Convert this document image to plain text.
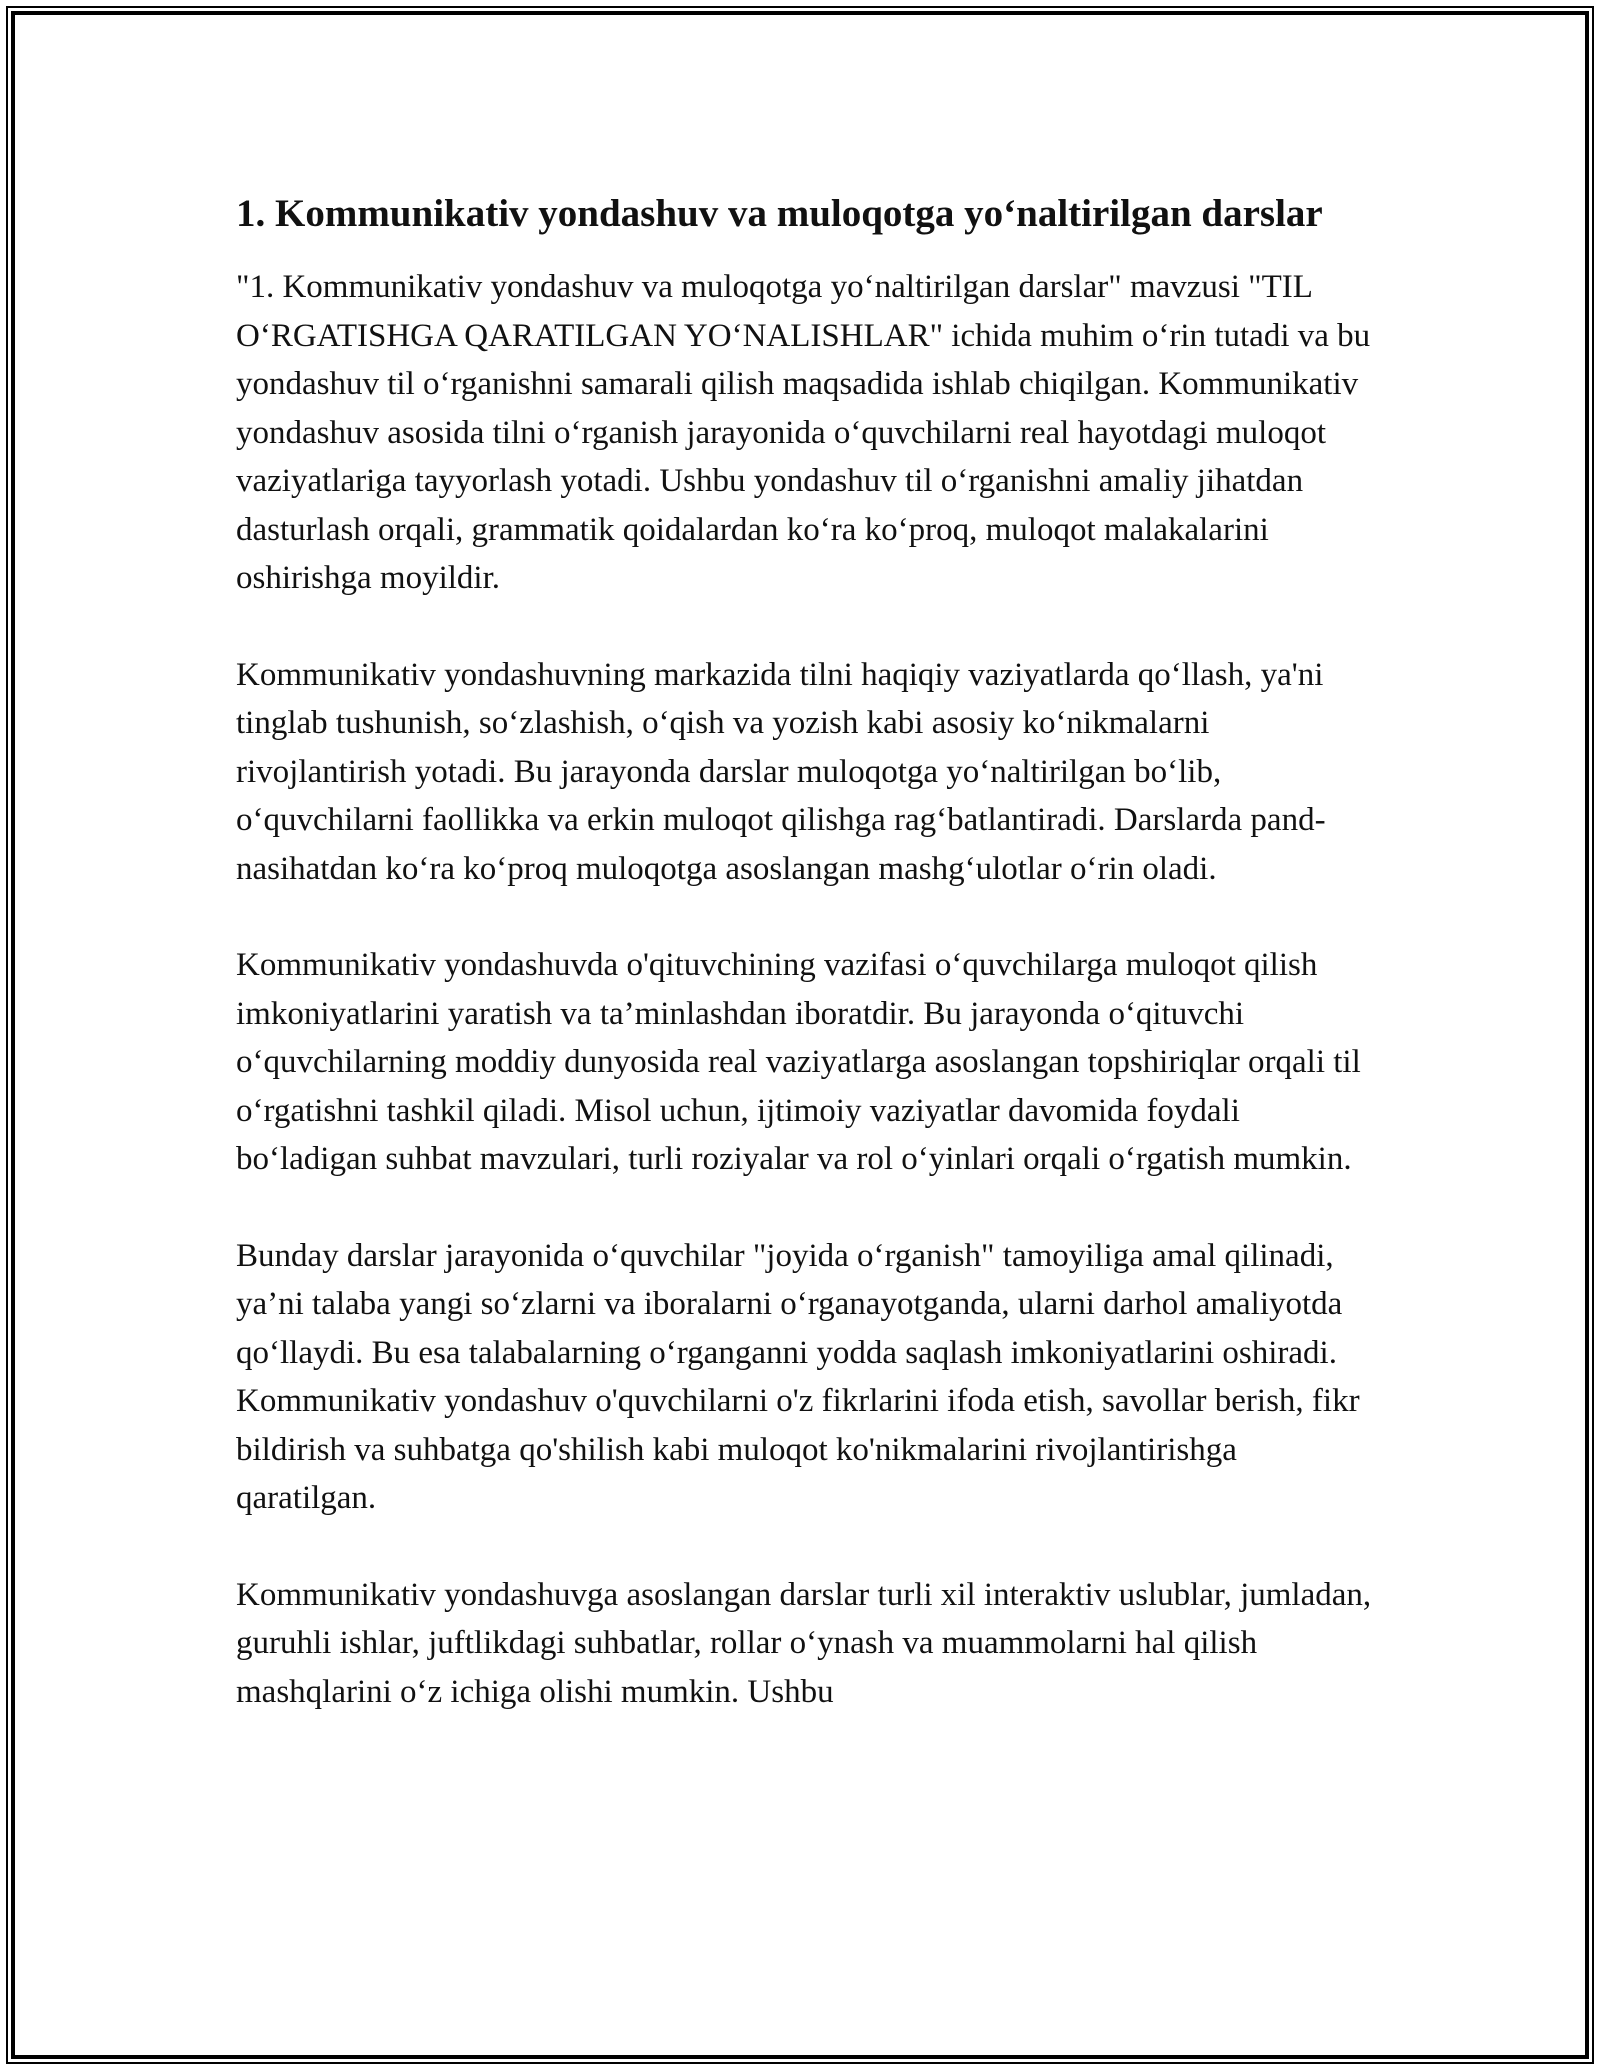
1. Kommunikativ yondashuv va muloqotga yo‘naltirilgan darslar

"1. Kommunikativ yondashuv va muloqotga yo‘naltirilgan darslar" mavzusi "TIL O‘RGATISHGA QARATILGAN YO‘NALISHLAR" ichida muhim o‘rin tutadi va bu yondashuv til o‘rganishni samarali qilish maqsadida ishlab chiqilgan. Kommunikativ yondashuv asosida tilni o‘rganish jarayonida o‘quvchilarni real hayotdagi muloqot vaziyatlariga tayyorlash yotadi. Ushbu yondashuv til o‘rganishni amaliy jihatdan dasturlash orqali, grammatik qoidalardan ko‘ra ko‘proq, muloqot malakalarini oshirishga moyildir.

Kommunikativ yondashuvning markazida tilni haqiqiy vaziyatlarda qo‘llash, ya'ni tinglab tushunish, so‘zlashish, o‘qish va yozish kabi asosiy ko‘nikmalarni rivojlantirish yotadi. Bu jarayonda darslar muloqotga yo‘naltirilgan bo‘lib, o‘quvchilarni faollikka va erkin muloqot qilishga rag‘batlantiradi. Darslarda pand-nasihatdan ko‘ra ko‘proq muloqotga asoslangan mashg‘ulotlar o‘rin oladi.

Kommunikativ yondashuvda o'qituvchining vazifasi o‘quvchilarga muloqot qilish imkoniyatlarini yaratish va ta’minlashdan iboratdir. Bu jarayonda o‘qituvchi o‘quvchilarning moddiy dunyosida real vaziyatlarga asoslangan topshiriqlar orqali til o‘rgatishni tashkil qiladi. Misol uchun, ijtimoiy vaziyatlar davomida foydali bo‘ladigan suhbat mavzulari, turli roziyalar va rol o‘yinlari orqali o‘rgatish mumkin.

Bunday darslar jarayonida o‘quvchilar "joyida o‘rganish" tamoyiliga amal qilinadi, ya’ni talaba yangi so‘zlarni va iboralarni o‘rganayotganda, ularni darhol amaliyotda qo‘llaydi. Bu esa talabalarning o‘rganganni yodda saqlash imkoniyatlarini oshiradi. Kommunikativ yondashuv o'quvchilarni o'z fikrlarini ifoda etish, savollar berish, fikr bildirish va suhbatga qo'shilish kabi muloqot ko'nikmalarini rivojlantirishga qaratilgan.

Kommunikativ yondashuvga asoslangan darslar turli xil interaktiv uslublar, jumladan, guruhli ishlar, juftlikdagi suhbatlar, rollar o‘ynash va muammolarni hal qilish mashqlarini o‘z ichiga olishi mumkin. Ushbu
